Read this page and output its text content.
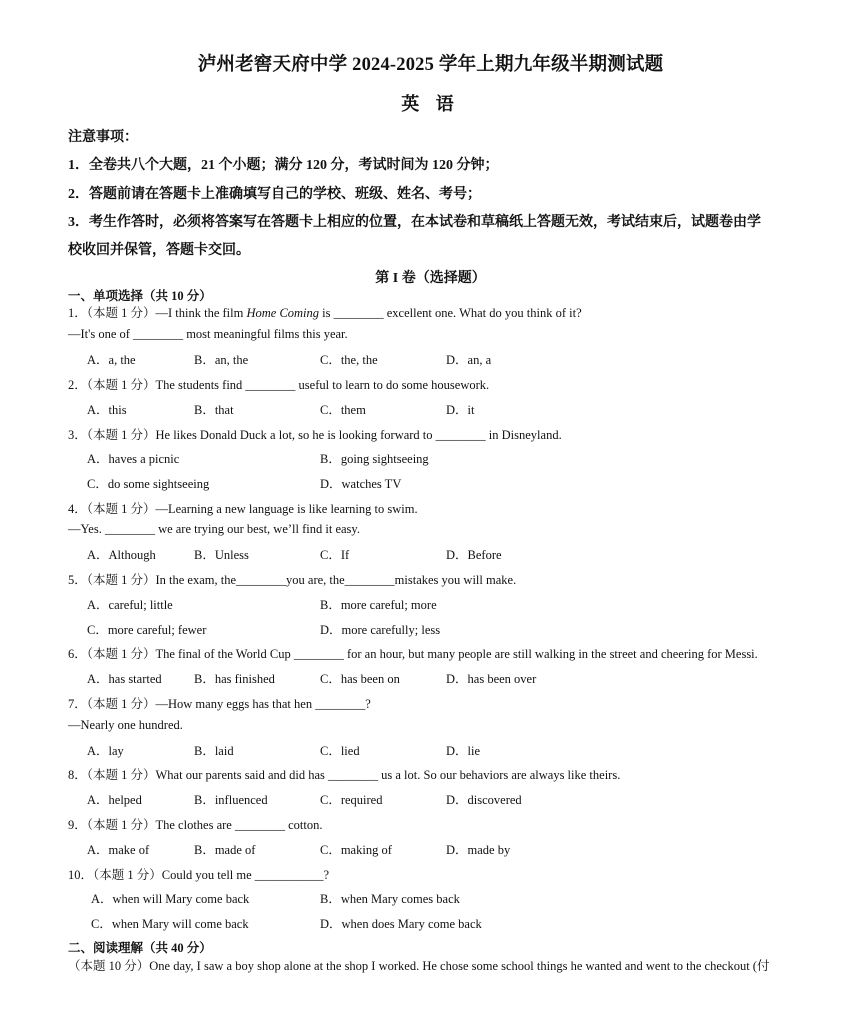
泸州老窖天府中学 2024-2025 学年上期九年级半期测试题
英 语
注意事项：
1．全卷共八个大题，21 个小题；满分 120 分，考试时间为 120 分钟；
2．答题前请在答题卡上准确填写自己的学校、班级、姓名、考号；
3．考生作答时，必须将答案写在答题卡上相应的位置，在本试卷和草稿纸上答题无效，考试结束后，试题卷由学
校收回并保管，答题卡交回。
第 I 卷（选择题）
一、单项选择（共 10 分）
1．（本题 1 分）—I think the film Home Coming is ________ excellent one. What do you think of it?
—It's one of ________ most meaningful films this year.
A．a, the	B．an, the	C．the, the	D．an, a
2．（本题 1 分）The students find ________ useful to learn to do some housework.
A．this	B．that	C．them	D．it
3．（本题 1 分）He likes Donald Duck a lot, so he is looking forward to ________ in Disneyland.
A．haves a picnic	B．going sightseeing
C．do some sightseeing	D．watches TV
4．（本题 1 分）—Learning a new language is like learning to swim.
—Yes. ________ we are trying our best, we’ll find it easy.
A．Although	B．Unless	C．If	D．Before
5．（本题 1 分）In the exam, the________you are, the________mistakes you will make.
A．careful; little	B．more careful; more
C．more careful; fewer	D．more carefully; less
6．（本题 1 分）The final of the World Cup ________ for an hour, but many people are still walking in the street and cheering for Messi.
A．has started	B．has finished	C．has been on	D．has been over
7．（本题 1 分）—How many eggs has that hen ________?
—Nearly one hundred.
A．lay	B．laid	C．lied	D．lie
8．（本题 1 分）What our parents said and did has ________ us a lot. So our behaviors are always like theirs.
A．helped	B．influenced	C．required	D．discovered
9．（本题 1 分）The clothes are ________ cotton.
A．make of	B．made of	C．making of	D．made by
10．（本题 1 分）Could you tell me ___________?
A．when will Mary come back	B．when Mary comes back
C．when Mary will come back	D．when does Mary come back
二、阅读理解（共 40 分）
（本题 10 分）One day, I saw a boy shop alone at the shop I worked. He chose some school things he wanted and went to the checkout (付
